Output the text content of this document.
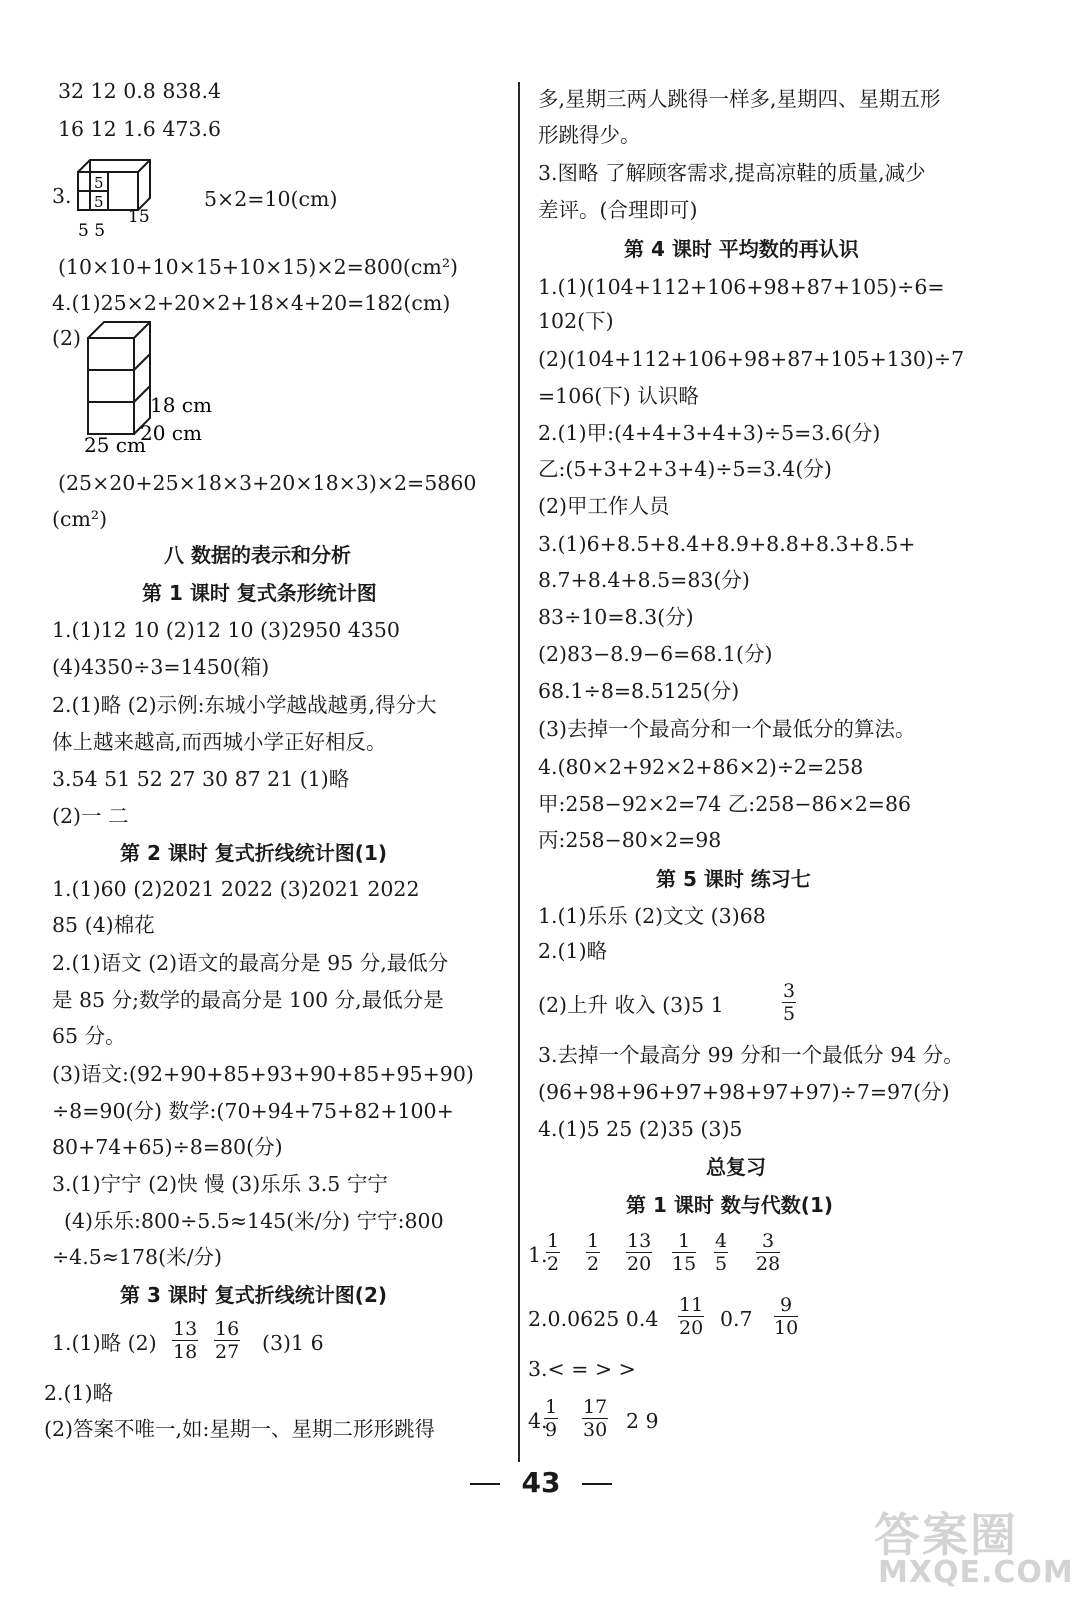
32 12 0.8 838.4
16 12 1.6 473.6
3.
5
5
15
5 5
5×2=10(cm)
(10×10+10×15+10×15)×2=800(cm²)
4.(1)25×2+20×2+18×4+20=182(cm)
(2)
18 cm
25 cm
20 cm
(25×20+25×18×3+20×18×3)×2=5860
(cm²)
八 数据的表示和分析
第 1 课时 复式条形统计图
1.(1)12 10 (2)12 10 (3)2950 4350
(4)4350÷3=1450(箱)
2.(1)略 (2)示例:东城小学越战越勇,得分大
体上越来越高,而西城小学正好相反。
3.54 51 52 27 30 87 21 (1)略
(2)一 二
第 2 课时 复式折线统计图(1)
1.(1)60 (2)2021 2022 (3)2021 2022
85 (4)棉花
2.(1)语文 (2)语文的最高分是 95 分,最低分
是 85 分;数学的最高分是 100 分,最低分是
65 分。
(3)语文:(92+90+85+93+90+85+95+90)
÷8=90(分) 数学:(70+94+75+82+100+
80+74+65)÷8=80(分)
3.(1)宁宁 (2)快 慢 (3)乐乐 3.5 宁宁
(4)乐乐:800÷5.5≈145(米/分) 宁宁:800
÷4.5≈178(米/分)
第 3 课时 复式折线统计图(2)
1.(1)略 $(2) \frac{13}{18} \frac{16}{27} (3)1$ 6
2.(1)略
(2)答案不唯一,如:星期一、星期二形形跳得
多,星期三两人跳得一样多,星期四、星期五形
形跳得少。
3.图略 了解顾客需求,提高凉鞋的质量,减少
差评。(合理即可)
第 4 课时 平均数的再认识
1.(1)(104+112+106+98+87+105)÷6=
102(下)
(2)(104+112+106+98+87+105+130)÷7
=106(下) 认识略
2.(1)甲:(4+4+3+4+3)÷5=3.6(分)
乙:(5+3+2+3+4)÷5=3.4(分)
(2)甲工作人员
3.(1)6+8.5+8.4+8.9+8.8+8.3+8.5+
8.7+8.4+8.5=83(分)
83÷10=8.3(分)
(2)83−8.9−6=68.1(分)
68.1÷8=8.5125(分)
(3)去掉一个最高分和一个最低分的算法。
4.(80×2+92×2+86×2)÷2=258
甲:258−92×2=74 乙:258−86×2=86
丙:258−80×2=98
第 5 课时 练习七
1.(1)乐乐 (2)文文 (3)68
2.(1)略
(2)上升 收入 (3)5 1	$\frac{3}{5}$
3.去掉一个最高分 99 分和一个最低分 94 分。
(96+98+96+97+98+97+97)÷7=97(分)
4.(1)5 25 (2)35 (3)5
总复习
第 1 课时 数与代数(1)
1.
$\frac{1}{2} \frac{1}{2} \frac{13}{20} \frac{1}{15} \frac{4}{5} \frac{3}{28}$
2.0.0625 $0.4 \frac{11}{20} 0.7 \frac{9}{10}$
3.< = > >
4.
$\frac{1}{9} \frac{17}{30} 2$ 9
43
答案圈
MXQE.COM
